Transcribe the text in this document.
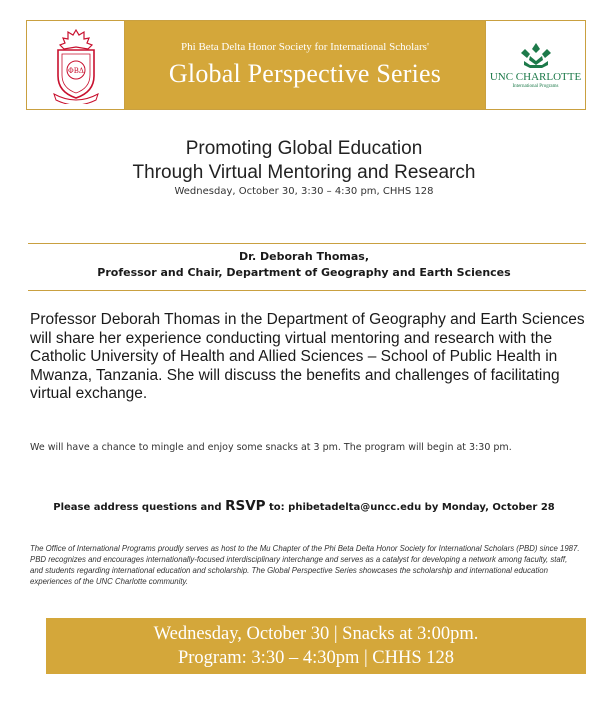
ΦΒΔ
Phi Beta Delta Honor Society for International Scholars'
Global Perspective Series	UNC CHARLOTTE
International Programs
Promoting Global Education
Through Virtual Mentoring and Research
Wednesday, October 30, 3:30 – 4:30 pm, CHHS 128
Dr. Deborah Thomas,
Professor and Chair, Department of Geography and Earth Sciences
Professor Deborah Thomas in the Department of Geography and Earth Sciences will share her experience conducting virtual mentoring and research with the Catholic University of Health and Allied Sciences – School of Public Health in Mwanza, Tanzania. She will discuss the benefits and challenges of facilitating virtual exchange.
We will have a chance to mingle and enjoy some snacks at 3 pm. The program will begin at 3:30 pm.
Please address questions and RSVP to: phibetadelta@uncc.edu by Monday, October 28
The Office of International Programs proudly serves as host to the Mu Chapter of the Phi Beta Delta Honor Society for International Scholars (PBD) since 1987. PBD recognizes and encourages internationally-focused interdisciplinary interchange and serves as a catalyst for developing a network among faculty, staff, and students regarding international education and scholarship. The Global Perspective Series showcases the scholarship and international education experiences of the UNC Charlotte community.
Wednesday, October 30 | Snacks at 3:00pm.
Program: 3:30 – 4:30pm | CHHS 128
